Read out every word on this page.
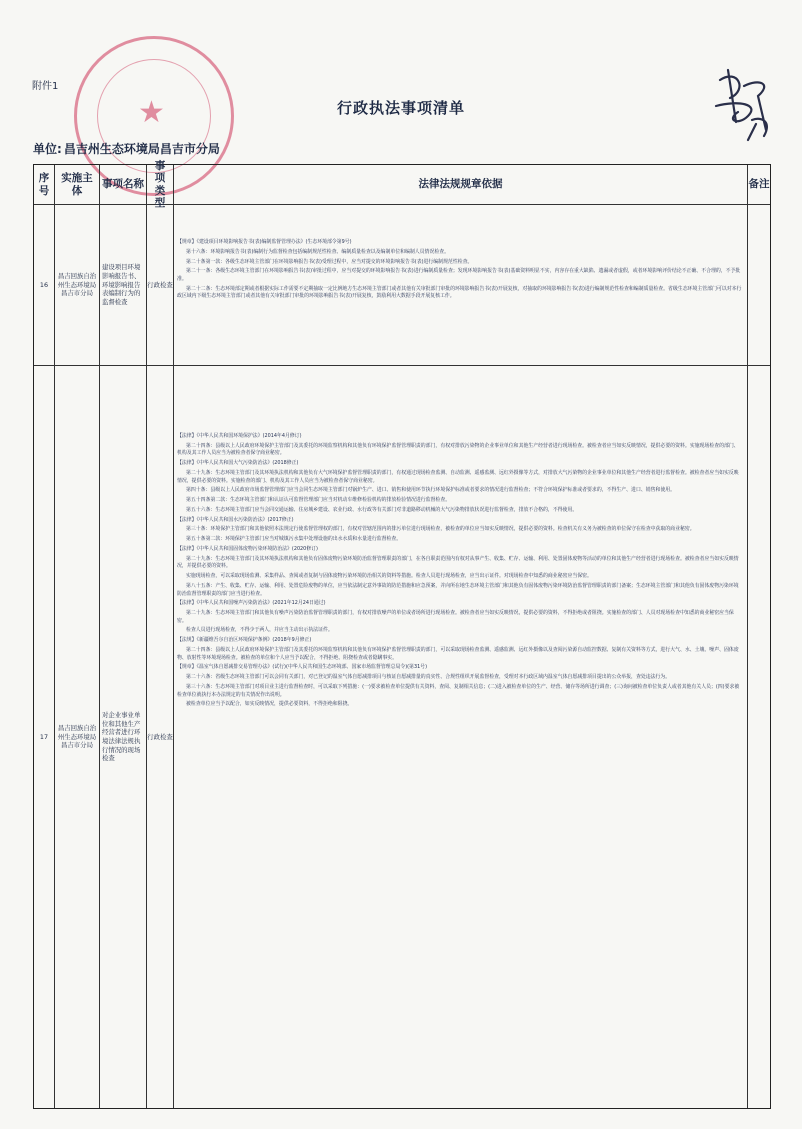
★
附件1
行政执法事项清单
单位: 昌吉州生态环境局昌吉市分局
序号
实施主体
事项名称
事项类型
法律法规规章依据	备注
16
昌吉回族自治州生态环境局昌吉市分局
建设项目环境影响报告书、环境影响报告表编制行为的监督检查
行政检查

【规章】《建设项目环境影响报告书(表)编制监督管理办法》(生态环境部令第9号)

第十六条：环境影响报告书(表)编制行为监督检查包括编制规范性检查、编制质量检查以及编制单位和编制人员情况检查。

第二十条第一款：各级生态环境主管部门在环境影响报告书(表)受理过程中，应当对提交的环境影响报告书(表)进行编制规范性检查。

第二十一条：各级生态环境主管部门在环境影响报告书(表)审批过程中，应当对提交的环境影响报告书(表)进行编制质量检查；发现环境影响报告书(表)基础资料明显不实，内容存在重大缺陷、遗漏或者虚假，或者环境影响评价结论不正确、不合理的，不予批准。

第二十二条：生态环境部定期或者根据实际工作需要不定期抽取一定比例地方生态环境主管部门或者其他有关审批部门审批的环境影响报告书(表)开展复核，对抽取的环境影响报告书(表)进行编制规范性检查和编制质量检查。省级生态环境主管部门可以对本行政区域内下级生态环境主管部门或者其他有关审批部门审批的环境影响报告书(表)开展复核，鼓励利用大数据手段开展复核工作。

17
昌吉回族自治州生态环境局昌吉市分局
对企业事业单位和其他生产经营者进行环境法律法规执行情况的现场检查
行政检查

【法律】《中华人民共和国环境保护法》(2014年4月修订)

第二十四条：县级以上人民政府环境保护主管部门及其委托的环境监察机构和其他负有环境保护监督管理职责的部门，有权对排放污染物的企业事业单位和其他生产经营者进行现场检查。被检查者应当如实反映情况，提供必要的资料。实施现场检查的部门、机构及其工作人员应当为被检查者保守商业秘密。

【法律】《中华人民共和国大气污染防治法》(2018修正)

第二十九条：生态环境主管部门及其环境执法机构和其他负有大气环境保护监督管理职责的部门，有权通过现场检查监测、自动监测、遥感监测、远红外摄像等方式，对排放大气污染物的企业事业单位和其他生产经营者进行监督检查。被检查者应当如实反映情况，提供必要的资料。实施检查的部门、机构及其工作人员应当为被检查者保守商业秘密。

第四十条：县级以上人民政府市场监督管理部门应当会同生态环境主管部门对锅炉生产、进口、销售和使用环节执行环境保护标准或者要求的情况进行监督检查；不符合环境保护标准或者要求的，不得生产、进口、销售和使用。

第五十四条第二款：生态环境主管部门和认证认可监督管理部门应当对机动车维修检验机构的排放检验情况进行监督检查。

第五十六条：生态环境主管部门应当会同交通运输、住房城乡建设、农业行政、水行政等有关部门对非道路移动机械的大气污染物排放状况进行监督检查，排放不合格的，不得使用。

【法律】《中华人民共和国水污染防治法》(2017修正)

第三十条：环境保护主管部门和其他依照本法规定行使监督管理权的部门，有权对管辖范围内的排污单位进行现场检查，被检查的单位应当如实反映情况，提供必要的资料。检查机关有义务为被检查的单位保守在检查中获取的商业秘密。

第五十条第二款：环境保护主管部门应当对城镇污水集中处理设施的出水水质和水量进行监督检查。

【法律】《中华人民共和国固体废物污染环境防治法》(2020修订)

第二十九条：生态环境主管部门及其环境执法机构和其他负有固体废物污染环境防治监督管理职责的部门，在各自职责范围内有权对从事产生、收集、贮存、运输、利用、处置固体废物等活动的单位和其他生产经营者进行现场检查。被检查者应当如实反映情况，并提供必要的资料。

实施现场检查，可以采取现场监测、采集样品、查阅或者复制与固体废物污染环境防治相关的资料等措施。检查人员进行现场检查，应当出示证件。对现场检查中知悉的商业秘密应当保密。

第八十五条：产生、收集、贮存、运输、利用、处置危险废物的单位，应当依法制定意外事故的防范措施和应急预案，并向所在地生态环境主管部门和其他负有固体废物污染环境防治监督管理职责的部门备案；生态环境主管部门和其他负有固体废物污染环境防治监督管理职责的部门应当进行检查。

【法律】《中华人民共和国噪声污染防治法》(2021年12月24日通过)

第二十九条：生态环境主管部门和其他负有噪声污染防治监督管理职责的部门，有权对排放噪声的单位或者场所进行现场检查。被检查者应当如实反映情况，提供必要的资料，不得拒绝或者阻挠。实施检查的部门、人员对现场检查中知悉的商业秘密应当保密。

检查人员进行现场检查，不得少于两人，并应当主动出示执法证件。

【法规】《新疆维吾尔自治区环境保护条例》(2018年9月修正)

第二十四条：县级以上人民政府环境保护主管部门及其委托的环境监察机构和其他负有环境保护监督管理职责的部门，可以采取现场检查监测、遥感监测、远红外摄像以及查阅污染源自动监控数据、复制有关资料等方式，进行大气、水、土壤、噪声、固体废物、放射性等环境现场检查。被检查的单位和个人应当予以配合，不得拒绝、阻挠检查或者隐瞒事实。

【规章】《温室气体自愿减排交易管理办法》(试行)(中华人民共和国生态环境部、国家市场监督管理总局令)(第31号)

第二十六条：省级生态环境主管部门可以会同有关部门，对已登记的温室气体自愿减排项目与核证自愿减排量的真实性、合规性组织开展监督检查，受理对本行政区域内温室气体自愿减排项目提出的公众举报，查处违法行为。

第三十六条：生态环境主管部门对项目业主进行监督检查时，可以采取下列措施：(一)要求被检查单位提供有关资料，查阅、复制相关信息；(二)进入被检查单位的生产、经营、储存等场所进行调查；(三)询问被检查单位负责人或者其他有关人员；(四)要求被检查单位就执行本办法规定的有关情况作出说明。

被检查单位应当予以配合，如实反映情况，提供必要资料，不得拒绝和阻挠。
